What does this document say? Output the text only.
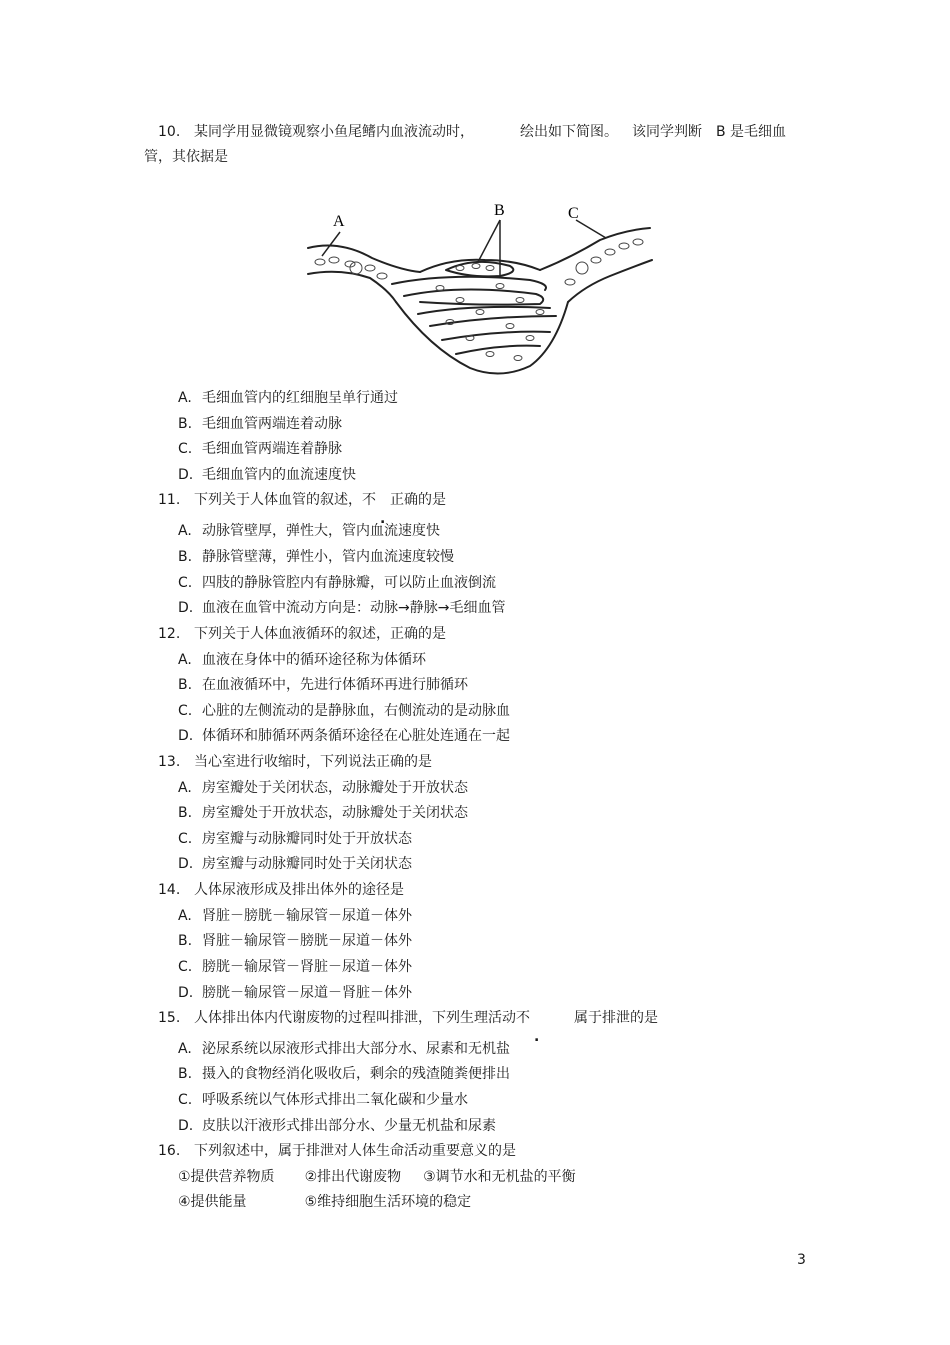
10. 某同学用显微镜观察小鱼尾鳍内血液流动时，	绘出如下简图。 该同学判断 B 是毛细血
管，其依据是
A
B	C
A. 毛细血管内的红细胞呈单行通过
B. 毛细血管两端连着动脉
C. 毛细血管两端连着静脉
D. 毛细血管内的血流速度快
11. 下列关于人体血管的叙述，不 正确的是
A. 动脉管壁厚，弹性大，管内血流速度快
B. 静脉管壁薄，弹性小，管内血流速度较慢
C. 四肢的静脉管腔内有静脉瓣，可以防止血液倒流
D. 血液在血管中流动方向是：动脉→静脉→毛细血管
12. 下列关于人体血液循环的叙述，正确的是
A. 血液在身体中的循环途径称为体循环
B. 在血液循环中，先进行体循环再进行肺循环
C. 心脏的左侧流动的是静脉血，右侧流动的是动脉血
D. 体循环和肺循环两条循环途径在心脏处连通在一起
13. 当心室进行收缩时，下列说法正确的是
A. 房室瓣处于关闭状态，动脉瓣处于开放状态
B. 房室瓣处于开放状态，动脉瓣处于关闭状态
C. 房室瓣与动脉瓣同时处于开放状态
D. 房室瓣与动脉瓣同时处于关闭状态
14. 人体尿液形成及排出体外的途径是
A. 肾脏－膀胱－输尿管－尿道－体外
B. 肾脏－输尿管－膀胱－尿道－体外
C. 膀胱－输尿管－肾脏－尿道－体外
D. 膀胱－输尿管－尿道－肾脏－体外
15. 人体排出体内代谢废物的过程叫排泄，下列生理活动不	属于排泄的是
A. 泌尿系统以尿液形式排出大部分水、尿素和无机盐
B. 摄入的食物经消化吸收后，剩余的残渣随粪便排出
C. 呼吸系统以气体形式排出二氧化碳和少量水
D. 皮肤以汗液形式排出部分水、少量无机盐和尿素
16. 下列叙述中，属于排泄对人体生命活动重要意义的是
①提供营养物质 ②排出代谢废物 ③调节水和无机盐的平衡
④提供能量	⑤维持细胞生活环境的稳定
3
